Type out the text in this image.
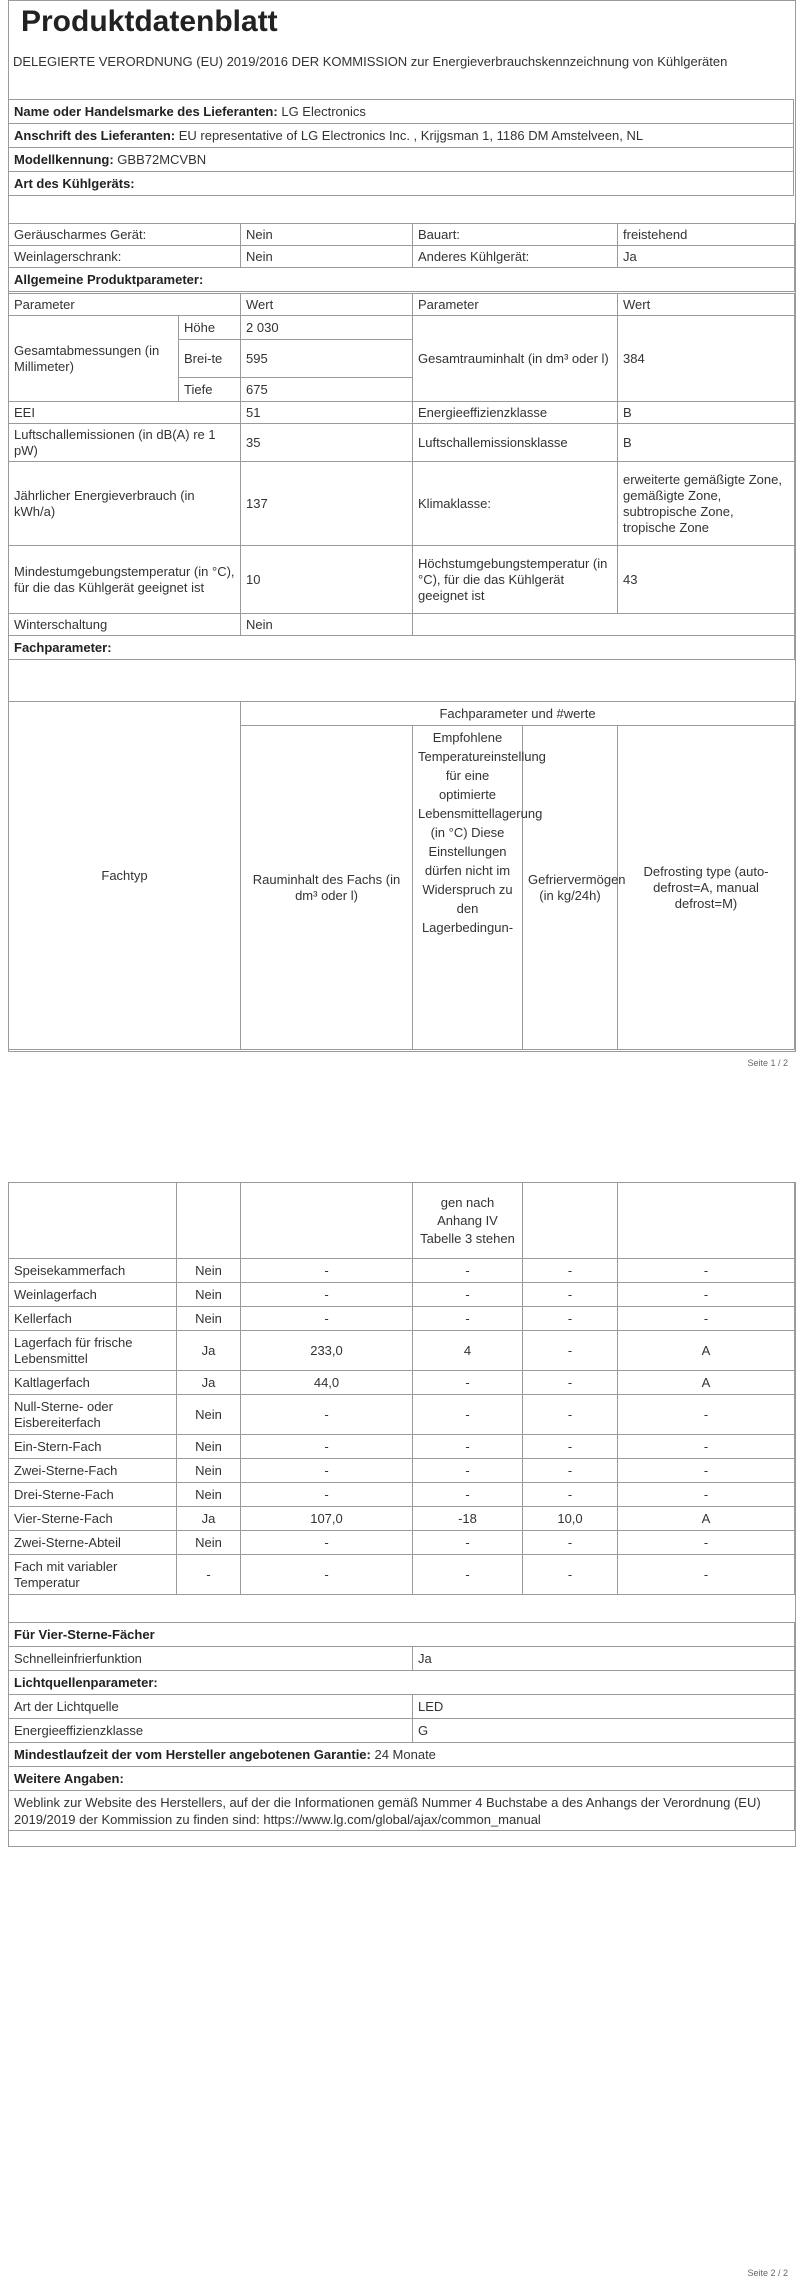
Produktdatenblatt
DELEGIERTE VERORDNUNG (EU) 2019/2016 DER KOMMISSION zur Energieverbrauchskennzeichnung von Kühlgeräten
Name oder Handelsmarke des Lieferanten: LG Electronics
Anschrift des Lieferanten: EU representative of LG Electronics Inc. , Krijgsman 1, 1186 DM Amstelveen, NL
Modellkennung: GBB72MCVBN
Art des Kühlgeräts:
Geräuscharmes Gerät:	Nein	Bauart:	freistehend
Weinlagerschrank:	Nein	Anderes Kühlgerät:	Ja
Allgemeine Produktparameter:			
Parameter		Wert	Parameter	Wert
Gesamtabmessungen (in Millimeter)	Höhe	2 030	Gesamtrauminhalt (in dm³ oder l)	384
	Brei-te	595		
	Tiefe	675		
EEI		51	Energieeffizienzklasse	B
Luftschallemissionen (in dB(A) re 1 pW)		35	Luftschallemissionsklasse	B
Jährlicher Energieverbrauch (in kWh/a)		137	Klimaklasse:	erweiterte gemäßigte Zone, gemäßigte Zone, subtropische Zone, tropische Zone
Mindestumgebungstemperatur (in °C), für die das Kühlgerät geeignet ist		10	Höchstumgebungstemperatur (in °C), für die das Kühlgerät geeignet ist	43
Winterschaltung		Nein		
Fachparameter:				
Fachtyp	Fachparameter und #werte			
	Rauminhalt des Fachs (in dm³ oder l)	Empfohlene Temperatureinstellung für eine optimierte Lebensmittellagerung (in °C) Diese Einstellungen dürfen nicht im Widerspruch zu den Lagerbedingun-	Gefriervermögen (in kg/24h)	Defrosting type (auto-defrost=A, manual defrost=M)
Seite 1 / 2
			gen nach Anhang IV Tabelle 3 stehen		
Speisekammerfach	Nein	-	-	-	-
Weinlagerfach	Nein	-	-	-	-
Kellerfach	Nein	-	-	-	-
Lagerfach für frische Lebensmittel	Ja	233,0	4	-	A
Kaltlagerfach	Ja	44,0	-	-	A
Null-Sterne- oder Eisbereiterfach	Nein	-	-	-	-
Ein-Stern-Fach	Nein	-	-	-	-
Zwei-Sterne-Fach	Nein	-	-	-	-
Drei-Sterne-Fach	Nein	-	-	-	-
Vier-Sterne-Fach	Ja	107,0	-18	10,0	A
Zwei-Sterne-Abteil	Nein	-	-	-	-
Fach mit variabler Temperatur	-	-	-	-	-
Für Vier-Sterne-Fächer	
Schnelleinfrierfunktion	Ja
Lichtquellenparameter:	
Art der Lichtquelle	LED
Energieeffizienzklasse	G
Mindestlaufzeit der vom Hersteller angebotenen Garantie: 24 Monate	
Weitere Angaben:	
Weblink zur Website des Herstellers, auf der die Informationen gemäß Nummer 4 Buchstabe a des Anhangs der Verordnung (EU) 2019/2019 der Kommission zu finden sind: https://www.lg.com/global/ajax/common_manual	
Seite 2 / 2
